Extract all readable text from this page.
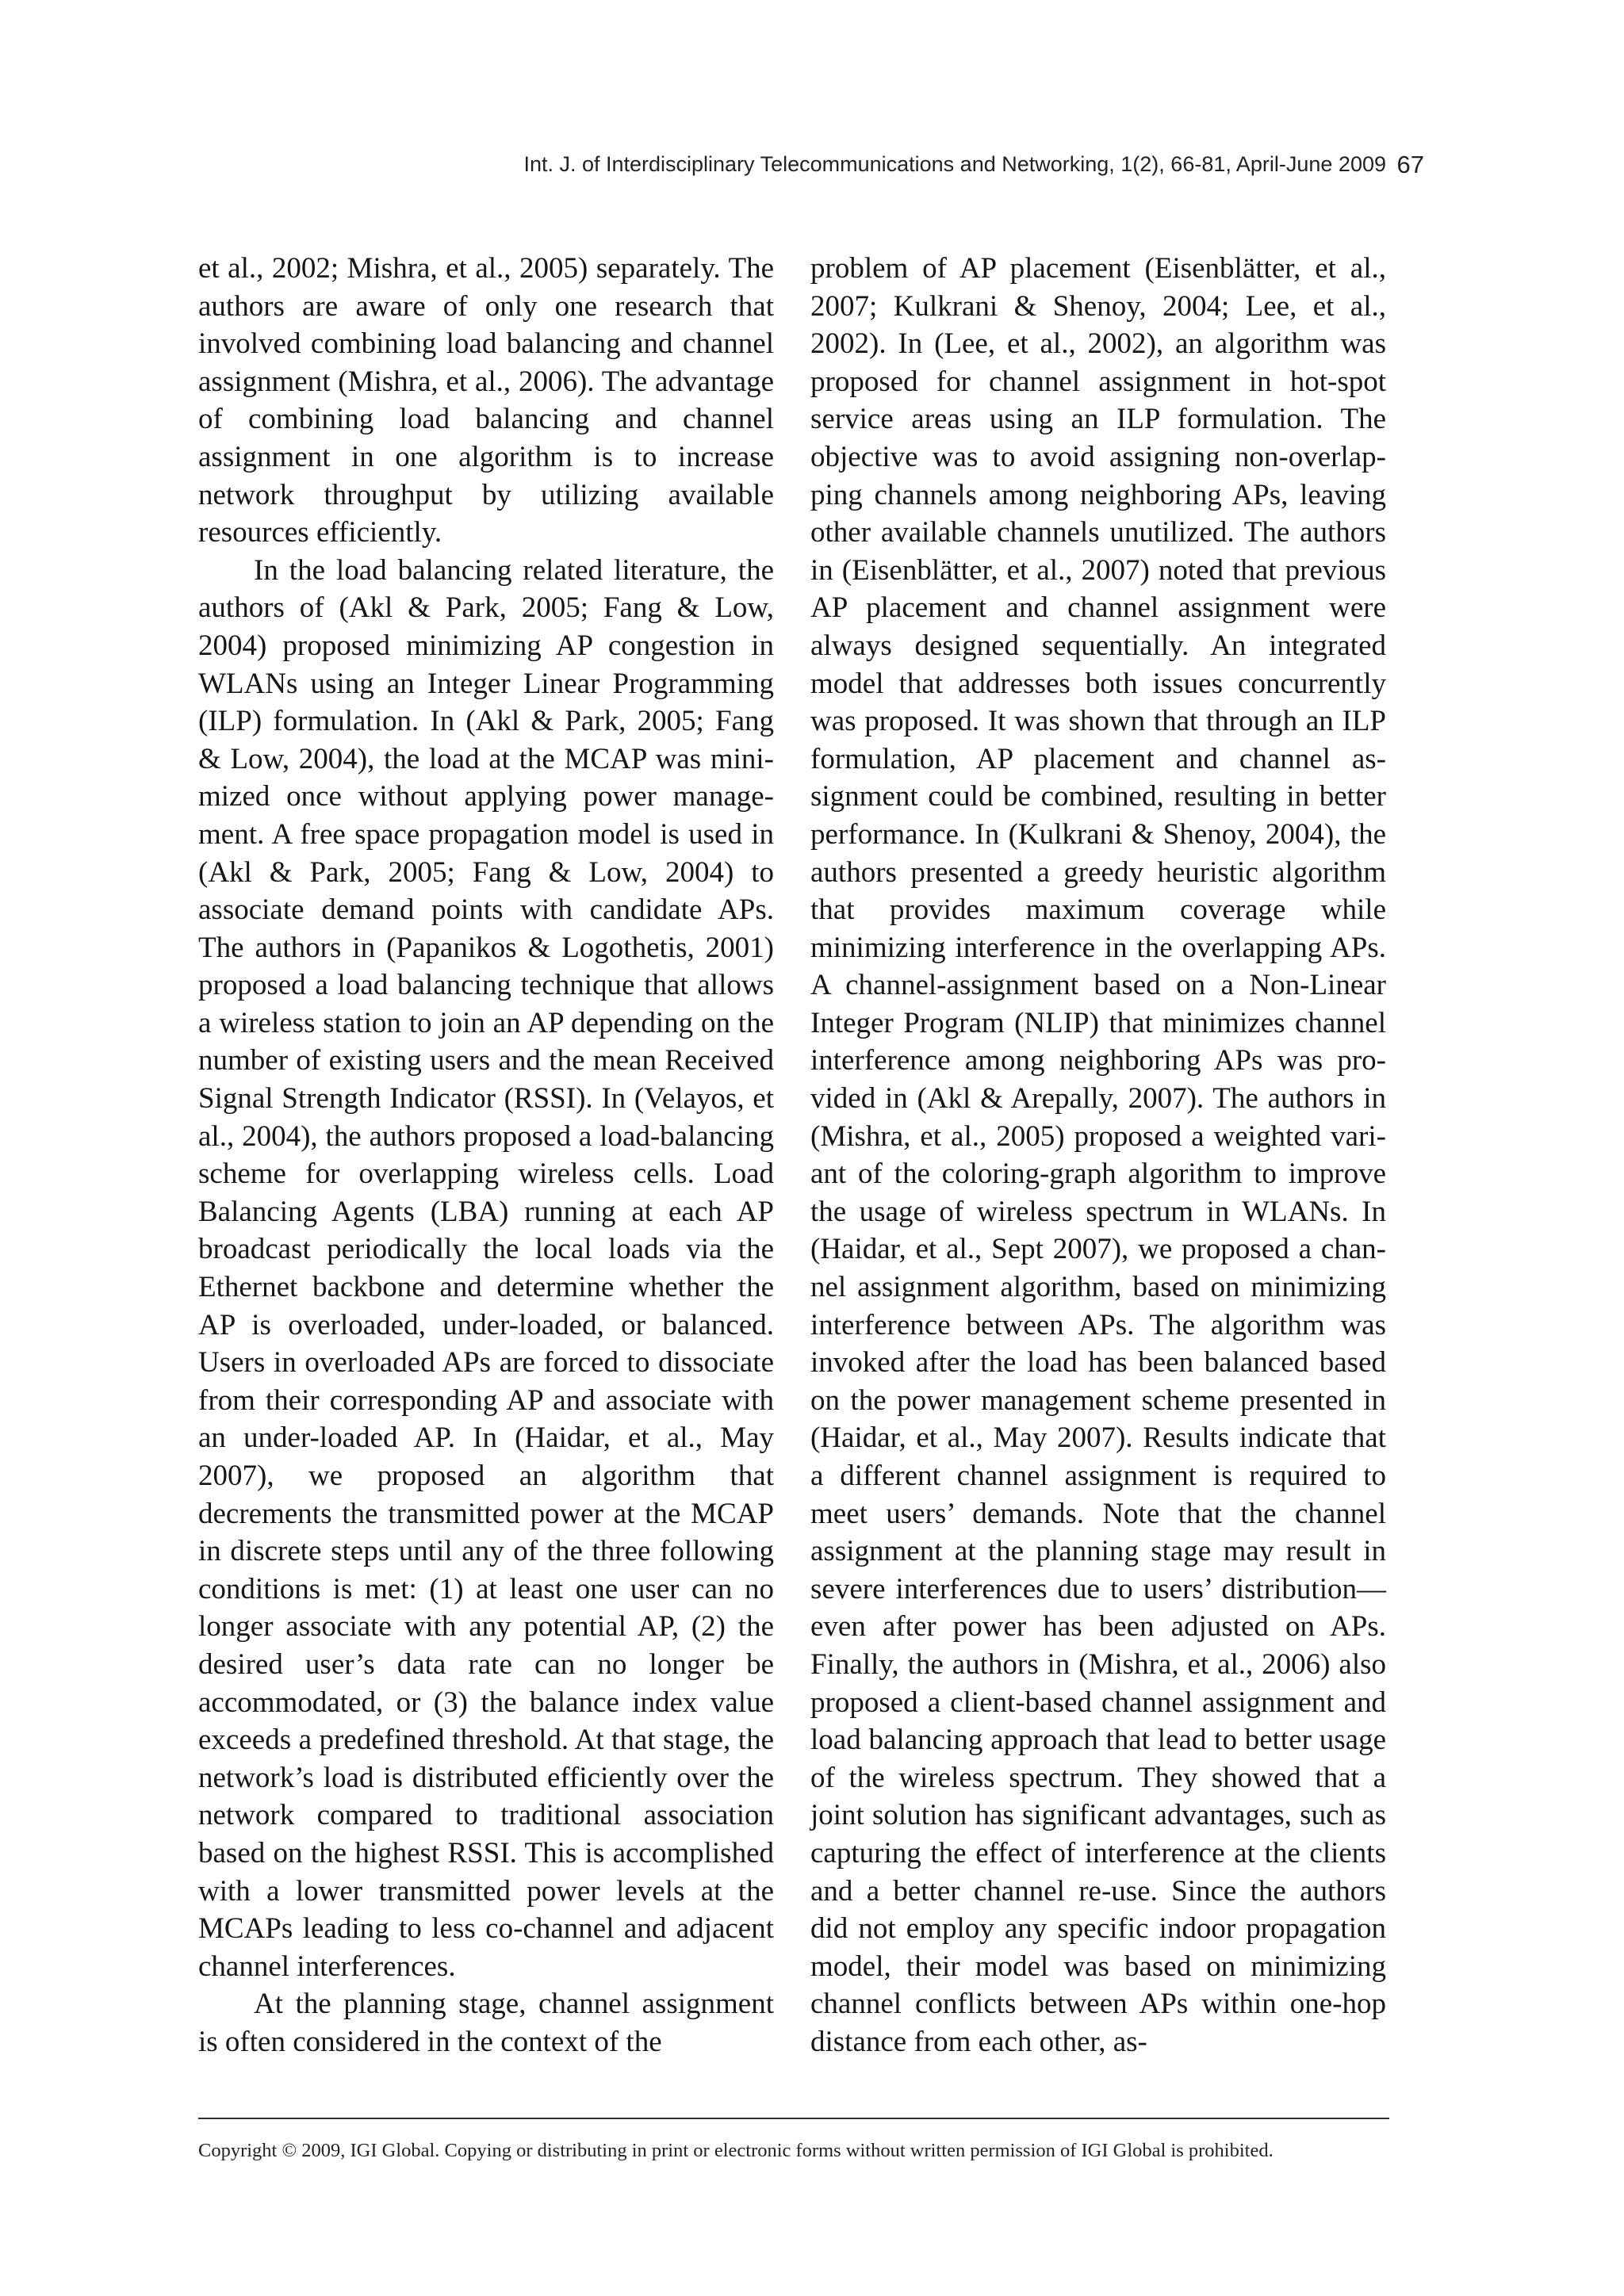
Int. J. of Interdisciplinary Telecommunications and Networking, 1(2), 66-81, April-June 2009 67

et al., 2002; Mishra, et al., 2005) separately. The authors are aware of only one research that involved combining load balancing and channel assignment (Mishra, et al., 2006). The advantage of combining load balancing and channel assignment in one algorithm is to increase network throughput by utilizing available resources efficiently.

In the load balancing related literature, the authors of (Akl & Park, 2005; Fang & Low, 2004) proposed minimizing AP congestion in WLANs using an Integer Linear Programming (ILP) formulation. In (Akl & Park, 2005; Fang & Low, 2004), the load at the MCAP was minimized once without applying power management. A free space propagation model is used in (Akl & Park, 2005; Fang & Low, 2004) to associate demand points with candidate APs. The authors in (Papanikos & Logothetis, 2001) proposed a load balancing technique that allows a wireless station to join an AP depending on the number of existing users and the mean Received Signal Strength Indicator (RSSI). In (Velayos, et al., 2004), the authors proposed a load-balancing scheme for overlapping wireless cells. Load Balancing Agents (LBA) running at each AP broadcast periodically the local loads via the Ethernet backbone and determine whether the AP is overloaded, under-loaded, or balanced. Users in overloaded APs are forced to dissociate from their corresponding AP and associate with an under-loaded AP. In (Haidar, et al., May 2007), we proposed an algorithm that decrements the transmitted power at the MCAP in discrete steps until any of the three following conditions is met: (1) at least one user can no longer associate with any potential AP, (2) the desired user’s data rate can no longer be accommodated, or (3) the balance index value exceeds a predefined threshold. At that stage, the network’s load is distributed efficiently over the network compared to traditional association based on the highest RSSI. This is accomplished with a lower transmitted power levels at the MCAPs leading to less co-channel and adjacent channel interferences.

At the planning stage, channel assignment is often considered in the context of the

problem of AP placement (Eisenblätter, et al., 2007; Kulkrani & Shenoy, 2004; Lee, et al., 2002). In (Lee, et al., 2002), an algorithm was proposed for channel assignment in hot-spot service areas using an ILP formulation. The objective was to avoid assigning non-overlapping channels among neighboring APs, leaving other available channels unutilized. The authors in (Eisenblätter, et al., 2007) noted that previous AP placement and channel assignment were always designed sequentially. An integrated model that addresses both issues concurrently was proposed. It was shown that through an ILP formulation, AP placement and channel assignment could be combined, resulting in better performance. In (Kulkrani & Shenoy, 2004), the authors presented a greedy heuristic algorithm that provides maximum coverage while minimizing interference in the overlapping APs. A channel-assignment based on a Non-Linear Integer Program (NLIP) that minimizes channel interference among neighboring APs was provided in (Akl & Arepally, 2007). The authors in (Mishra, et al., 2005) proposed a weighted variant of the coloring-graph algorithm to improve the usage of wireless spectrum in WLANs. In (Haidar, et al., Sept 2007), we proposed a channel assignment algorithm, based on minimizing interference between APs. The algorithm was invoked after the load has been balanced based on the power management scheme presented in (Haidar, et al., May 2007). Results indicate that a different channel assignment is required to meet users’ demands. Note that the channel assignment at the planning stage may result in severe interferences due to users’ distribution—even after power has been adjusted on APs. Finally, the authors in (Mishra, et al., 2006) also proposed a client-based channel assignment and load balancing approach that lead to better usage of the wireless spectrum. They showed that a joint solution has significant advantages, such as capturing the effect of interference at the clients and a better channel re-use. Since the authors did not employ any specific indoor propagation model, their model was based on minimizing channel conflicts between APs within one-hop distance from each other, as-

Copyright © 2009, IGI Global. Copying or distributing in print or electronic forms without written permission of IGI Global is prohibited.
